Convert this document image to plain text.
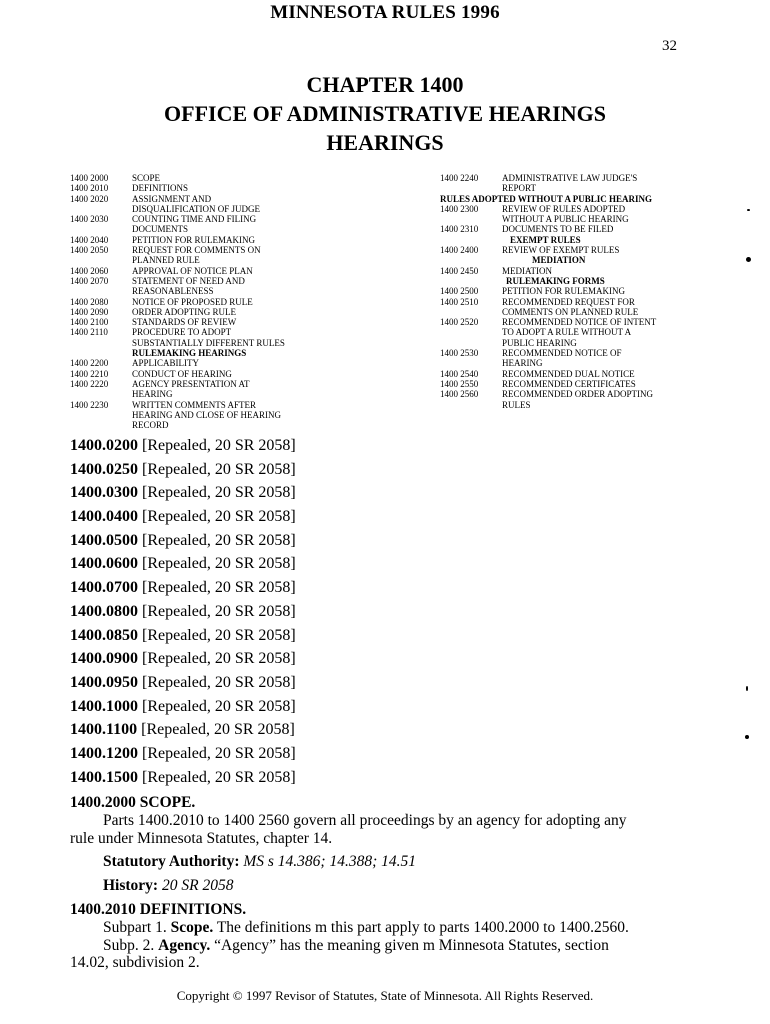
MINNESOTA RULES 1996
32
CHAPTER 1400
OFFICE OF ADMINISTRATIVE HEARINGS
HEARINGS
1400 2000	SCOPE
1400 2010	DEFINITIONS
1400 2020	ASSIGNMENT AND
DISQUALIFICATION OF JUDGE
1400 2030	COUNTING TIME AND FILING
DOCUMENTS
1400 2040	PETITION FOR RULEMAKING
1400 2050	REQUEST FOR COMMENTS ON
PLANNED RULE
1400 2060	APPROVAL OF NOTICE PLAN
1400 2070	STATEMENT OF NEED AND
REASONABLENESS
1400 2080	NOTICE OF PROPOSED RULE
1400 2090	ORDER ADOPTING RULE
1400 2100	STANDARDS OF REVIEW
1400 2110	PROCEDURE TO ADOPT
SUBSTANTIALLY DIFFERENT RULES
RULEMAKING HEARINGS
1400 2200	APPLICABILITY
1400 2210	CONDUCT OF HEARING
1400 2220	AGENCY PRESENTATION AT
HEARING
1400 2230	WRITTEN COMMENTS AFTER
HEARING AND CLOSE OF HEARING
RECORD
1400 2240	ADMINISTRATIVE LAW JUDGE'S
REPORT
RULES ADOPTED WITHOUT A PUBLIC HEARING
1400 2300	REVIEW OF RULES ADOPTED
WITHOUT A PUBLIC HEARING
1400 2310	DOCUMENTS TO BE FILED
EXEMPT RULES
1400 2400	REVIEW OF EXEMPT RULES
MEDIATION
1400 2450	MEDIATION
RULEMAKING FORMS
1400 2500	PETITION FOR RULEMAKING
1400 2510	RECOMMENDED REQUEST FOR
COMMENTS ON PLANNED RULE
1400 2520	RECOMMENDED NOTICE OF INTENT
TO ADOPT A RULE WITHOUT A
PUBLIC HEARING
1400 2530	RECOMMENDED NOTICE OF
HEARING
1400 2540	RECOMMENDED DUAL NOTICE
1400 2550	RECOMMENDED CERTIFICATES
1400 2560	RECOMMENDED ORDER ADOPTING
RULES
1400.0200 [Repealed, 20 SR 2058]
1400.0250 [Repealed, 20 SR 2058]
1400.0300 [Repealed, 20 SR 2058]
1400.0400 [Repealed, 20 SR 2058]
1400.0500 [Repealed, 20 SR 2058]
1400.0600 [Repealed, 20 SR 2058]
1400.0700 [Repealed, 20 SR 2058]
1400.0800 [Repealed, 20 SR 2058]
1400.0850 [Repealed, 20 SR 2058]
1400.0900 [Repealed, 20 SR 2058]
1400.0950 [Repealed, 20 SR 2058]
1400.1000 [Repealed, 20 SR 2058]
1400.1100 [Repealed, 20 SR 2058]
1400.1200 [Repealed, 20 SR 2058]
1400.1500 [Repealed, 20 SR 2058]

1400.2000 SCOPE.

Parts 1400.2010 to 1400 2560 govern all proceedings by an agency for adopting any
rule under Minnesota Statutes, chapter 14.

Statutory Authority: MS s 14.386; 14.388; 14.51

History: 20 SR 2058

1400.2010 DEFINITIONS.

Subpart 1. Scope. The definitions m this part apply to parts 1400.2000 to 1400.2560.

Subp. 2. Agency. “Agency” has the meaning given m Minnesota Statutes, section
14.02, subdivision 2.

Copyright © 1997 Revisor of Statutes, State of Minnesota. All Rights Reserved.
